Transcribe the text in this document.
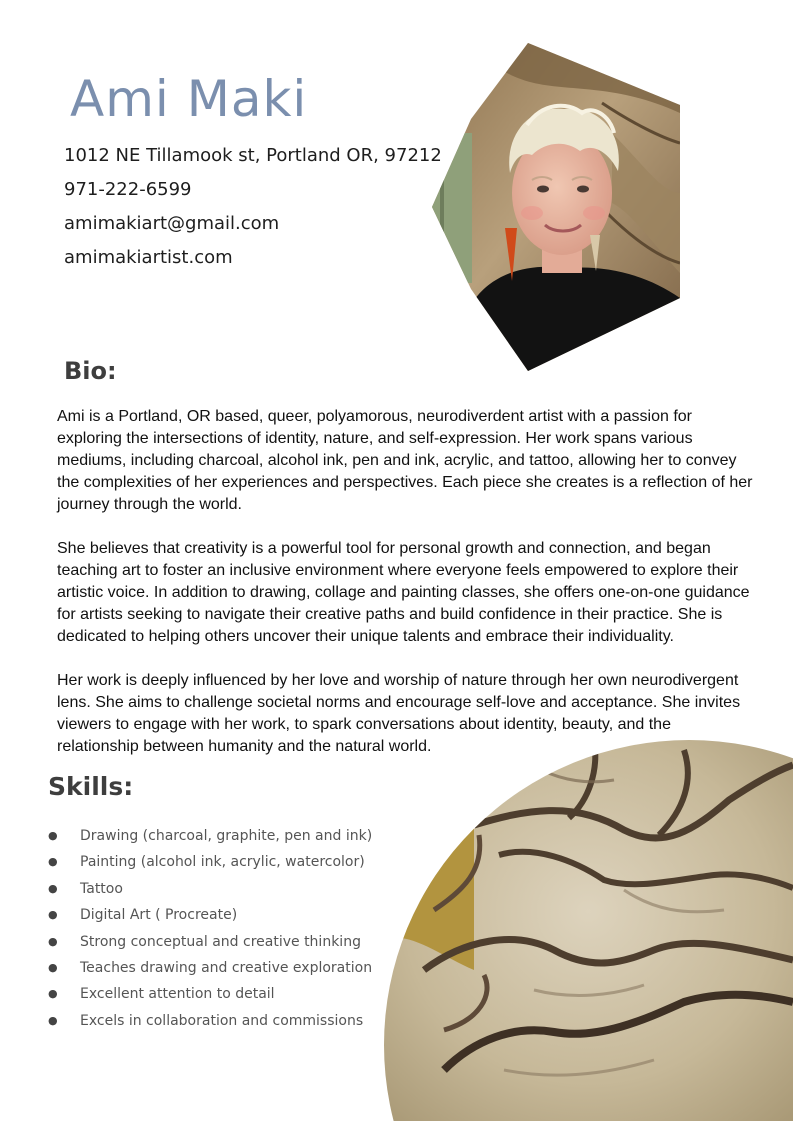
Ami Maki
1012 NE Tillamook st, Portland OR, 97212
971-222-6599
amimakiart@gmail.com
amimakiartist.com
Bio:

Ami is a Portland, OR based, queer, polyamorous, neurodiverdent artist with a passion for exploring the intersections of identity, nature, and self-expression. Her work spans various mediums, including charcoal, alcohol ink, pen and ink, acrylic, and tattoo, allowing her to convey the complexities of her experiences and perspectives. Each piece she creates is a reflection of her journey through the world.

She believes that creativity is a powerful tool for personal growth and connection, and began teaching art to foster an inclusive environment where everyone feels empowered to explore their artistic voice. In addition to drawing, collage and painting classes, she offers one-on-one guidance for artists seeking to navigate their creative paths and build confidence in their practice. She is dedicated to helping others uncover their unique talents and embrace their individuality.

Her work is deeply influenced by her love and worship of nature through her own neurodivergent lens. She aims to challenge societal norms and encourage self-love and acceptance. She invites viewers to engage with her work, to spark conversations about identity, beauty, and the relationship between humanity and the natural world.

Skills:
● Drawing (charcoal, graphite, pen and ink)
● Painting (alcohol ink, acrylic, watercolor)
● Tattoo
● Digital Art ( Procreate)
● Strong conceptual and creative thinking
● Teaches drawing and creative exploration
● Excellent attention to detail
● Excels in collaboration and commissions
